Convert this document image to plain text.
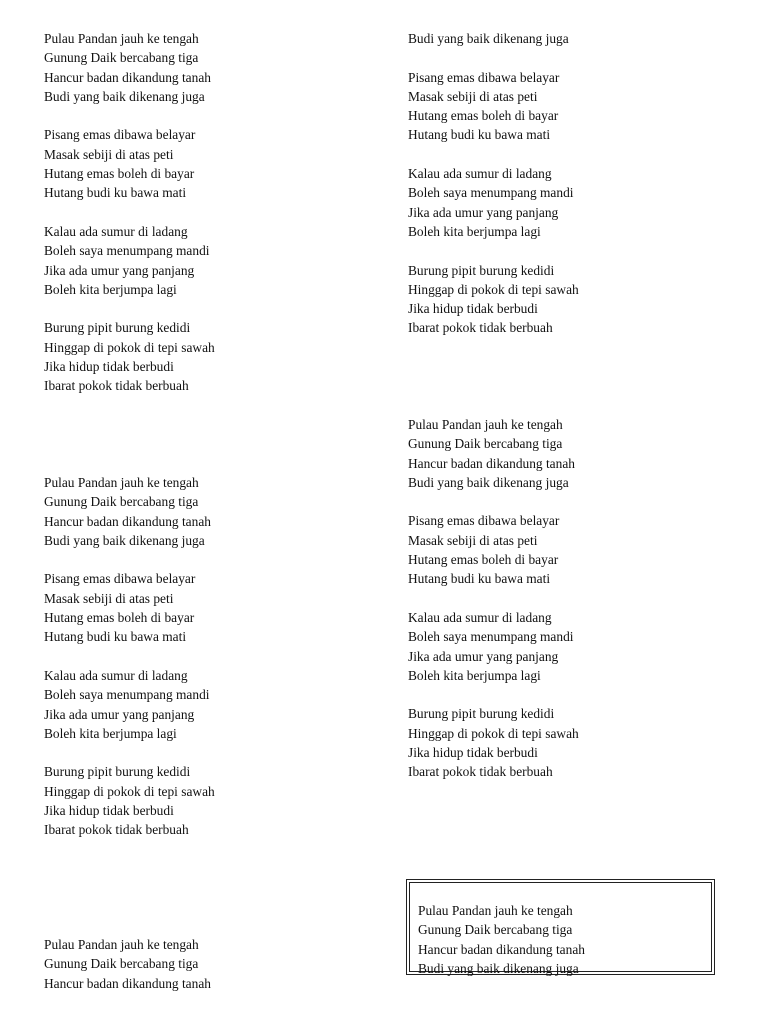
Pulau Pandan jauh ke tengah
Gunung Daik bercabang tiga
Hancur badan dikandung tanah
Budi yang baik dikenang juga
Pisang emas dibawa belayar
Masak sebiji di atas peti
Hutang emas boleh di bayar
Hutang budi ku bawa mati
Kalau ada sumur di ladang
Boleh saya menumpang mandi
Jika ada umur yang panjang
Boleh kita berjumpa lagi
Burung pipit burung kedidi
Hinggap di pokok di tepi sawah
Jika hidup tidak berbudi
Ibarat pokok tidak berbuah
Pulau Pandan jauh ke tengah
Gunung Daik bercabang tiga
Hancur badan dikandung tanah
Budi yang baik dikenang juga
Pisang emas dibawa belayar
Masak sebiji di atas peti
Hutang emas boleh di bayar
Hutang budi ku bawa mati
Kalau ada sumur di ladang
Boleh saya menumpang mandi
Jika ada umur yang panjang
Boleh kita berjumpa lagi
Burung pipit burung kedidi
Hinggap di pokok di tepi sawah
Jika hidup tidak berbudi
Ibarat pokok tidak berbuah
Pulau Pandan jauh ke tengah
Gunung Daik bercabang tiga
Hancur badan dikandung tanah
Budi yang baik dikenang juga
Pisang emas dibawa belayar
Masak sebiji di atas peti
Hutang emas boleh di bayar
Hutang budi ku bawa mati
Kalau ada sumur di ladang
Boleh saya menumpang mandi
Jika ada umur yang panjang
Boleh kita berjumpa lagi
Burung pipit burung kedidi
Hinggap di pokok di tepi sawah
Jika hidup tidak berbudi
Ibarat pokok tidak berbuah
Pulau Pandan jauh ke tengah
Gunung Daik bercabang tiga
Hancur badan dikandung tanah
Budi yang baik dikenang juga
Pisang emas dibawa belayar
Masak sebiji di atas peti
Hutang emas boleh di bayar
Hutang budi ku bawa mati
Kalau ada sumur di ladang
Boleh saya menumpang mandi
Jika ada umur yang panjang
Boleh kita berjumpa lagi
Burung pipit burung kedidi
Hinggap di pokok di tepi sawah
Jika hidup tidak berbudi
Ibarat pokok tidak berbuah
Pulau Pandan jauh ke tengah
Gunung Daik bercabang tiga
Hancur badan dikandung tanah
Budi yang baik dikenang juga
